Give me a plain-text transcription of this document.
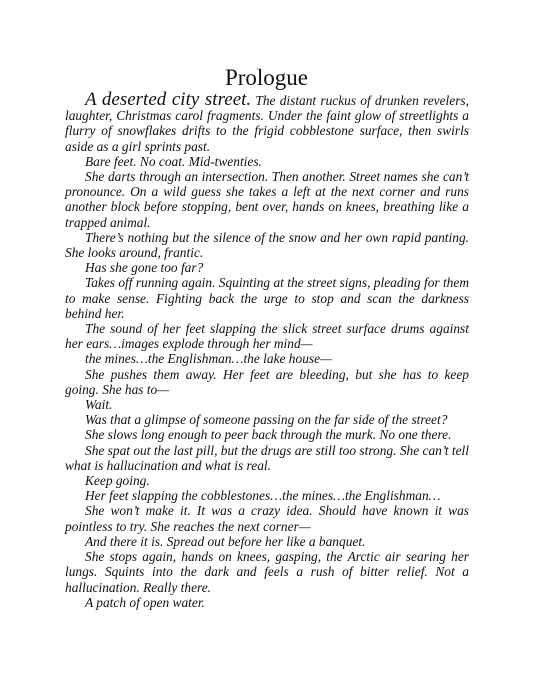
Prologue

A deserted city street. The distant ruckus of drunken revelers, laughter, Christmas carol fragments. Under the faint glow of streetlights a flurry of snowflakes drifts to the frigid cobblestone surface, then swirls aside as a girl sprints past.

Bare feet. No coat. Mid-twenties.

She darts through an intersection. Then another. Street names she can’t pronounce. On a wild guess she takes a left at the next corner and runs another block before stopping, bent over, hands on knees, breathing like a trapped animal.

There’s nothing but the silence of the snow and her own rapid panting. She looks around, frantic.

Has she gone too far?

Takes off running again. Squinting at the street signs, pleading for them to make sense. Fighting back the urge to stop and scan the darkness behind her.

The sound of her feet slapping the slick street surface drums against her ears…images explode through her mind—

the mines…the Englishman…the lake house—

She pushes them away. Her feet are bleeding, but she has to keep going. She has to—

Wait.

Was that a glimpse of someone passing on the far side of the street?

She slows long enough to peer back through the murk. No one there.

She spat out the last pill, but the drugs are still too strong. She can’t tell what is hallucination and what is real.

Keep going.

Her feet slapping the cobblestones…the mines…the Englishman…

She won’t make it. It was a crazy idea. Should have known it was pointless to try. She reaches the next corner—

And there it is. Spread out before her like a banquet.

She stops again, hands on knees, gasping, the Arctic air searing her lungs. Squints into the dark and feels a rush of bitter relief. Not a hallucination. Really there.

A patch of open water.
